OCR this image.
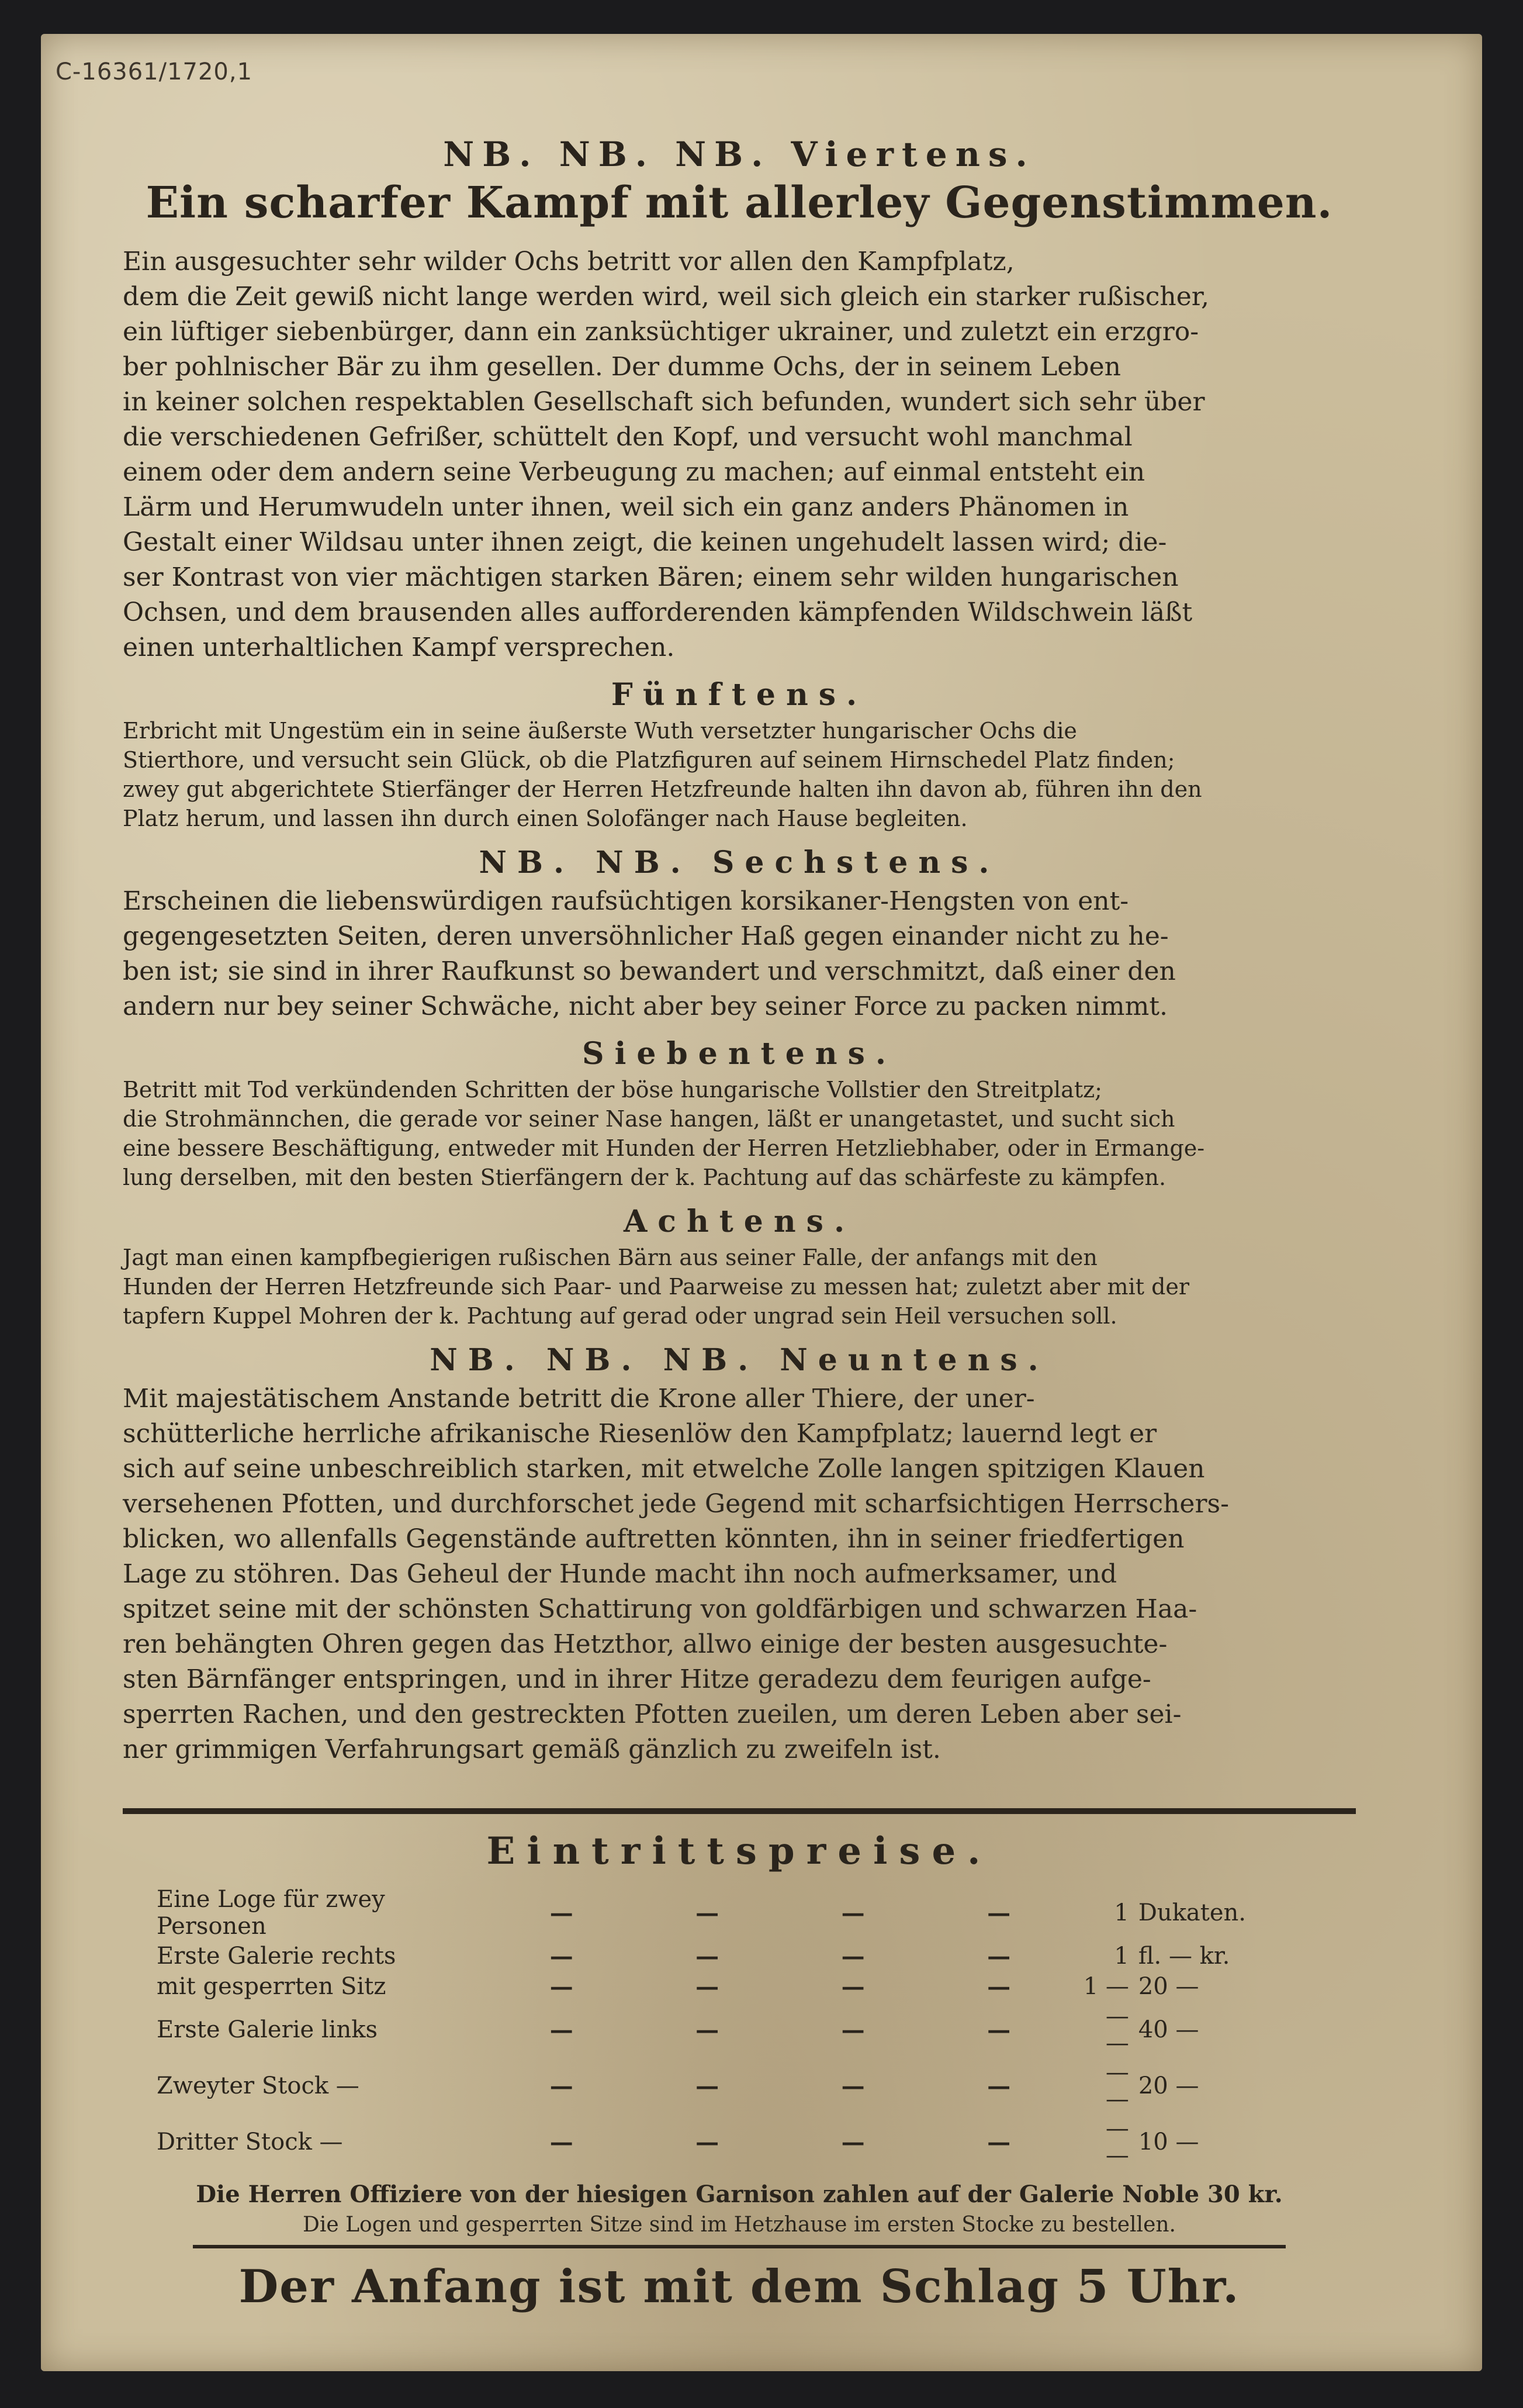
C-16361/1720,1
NB. NB. NB. Viertens.
Ein scharfer Kampf mit allerley Gegenstimmen.

Ein ausgesuchter sehr wilder Ochs betritt vor allen den Kampfplatz,

dem die Zeit gewiß nicht lange werden wird, weil sich gleich ein starker rußischer,

ein lüftiger siebenbürger, dann ein zanksüchtiger ukrainer, und zuletzt ein erzgro-

ber pohlnischer Bär zu ihm gesellen. Der dumme Ochs, der in seinem Leben

in keiner solchen respektablen Gesellschaft sich befunden, wundert sich sehr über

die verschiedenen Gefrißer, schüttelt den Kopf, und versucht wohl manchmal

einem oder dem andern seine Verbeugung zu machen; auf einmal entsteht ein

Lärm und Herumwudeln unter ihnen, weil sich ein ganz anders Phänomen in

Gestalt einer Wildsau unter ihnen zeigt, die keinen ungehudelt lassen wird; die-

ser Kontrast von vier mächtigen starken Bären; einem sehr wilden hungarischen

Ochsen, und dem brausenden alles aufforderenden kämpfenden Wildschwein läßt

einen unterhaltlichen Kampf versprechen.

Fünftens.

Erbricht mit Ungestüm ein in seine äußerste Wuth versetzter hungarischer Ochs die

Stierthore, und versucht sein Glück, ob die Platzfiguren auf seinem Hirnschedel Platz finden;

zwey gut abgerichtete Stierfänger der Herren Hetzfreunde halten ihn davon ab, führen ihn den

Platz herum, und lassen ihn durch einen Solofänger nach Hause begleiten.

NB. NB. Sechstens.

Erscheinen die liebenswürdigen raufsüchtigen korsikaner-Hengsten von ent-

gegengesetzten Seiten, deren unversöhnlicher Haß gegen einander nicht zu he-

ben ist; sie sind in ihrer Raufkunst so bewandert und verschmitzt, daß einer den

andern nur bey seiner Schwäche, nicht aber bey seiner Force zu packen nimmt.

Siebentens.

Betritt mit Tod verkündenden Schritten der böse hungarische Vollstier den Streitplatz;

die Strohmännchen, die gerade vor seiner Nase hangen, läßt er unangetastet, und sucht sich

eine bessere Beschäftigung, entweder mit Hunden der Herren Hetzliebhaber, oder in Ermange-

lung derselben, mit den besten Stierfängern der k. Pachtung auf das schärfeste zu kämpfen.

Achtens.

Jagt man einen kampfbegierigen rußischen Bärn aus seiner Falle, der anfangs mit den

Hunden der Herren Hetzfreunde sich Paar- und Paarweise zu messen hat; zuletzt aber mit der

tapfern Kuppel Mohren der k. Pachtung auf gerad oder ungrad sein Heil versuchen soll.

NB. NB. NB. Neuntens.

Mit majestätischem Anstande betritt die Krone aller Thiere, der uner-

schütterliche herrliche afrikanische Riesenlöw den Kampfplatz; lauernd legt er

sich auf seine unbeschreiblich starken, mit etwelche Zolle langen spitzigen Klauen

versehenen Pfotten, und durchforschet jede Gegend mit scharfsichtigen Herrschers-

blicken, wo allenfalls Gegenstände auftretten könnten, ihn in seiner friedfertigen

Lage zu stöhren. Das Geheul der Hunde macht ihn noch aufmerksamer, und

spitzet seine mit der schönsten Schattirung von goldfärbigen und schwarzen Haa-

ren behängten Ohren gegen das Hetzthor, allwo einige der besten ausgesuchte-

sten Bärnfänger entspringen, und in ihrer Hitze geradezu dem feurigen aufge-

sperrten Rachen, und den gestreckten Pfotten zueilen, um deren Leben aber sei-

ner grimmigen Verfahrungsart gemäß gänzlich zu zweifeln ist.

Eintrittspreise.
Eine Loge für zwey Personen	—	—	—	—	1	Dukaten.
Erste Galerie rechts	—	—	—	—	1	fl. — kr.
mit gesperrten Sitz	—	—	—	—	1 —	20 —
Erste Galerie links	—	—	—	—	— —	40 —
Zweyter Stock —	—	—	—	—	— —	20 —
Dritter Stock —	—	—	—	—	— —	10 —
Die Herren Offiziere von der hiesigen Garnison zahlen auf der Galerie Noble 30 kr.
Die Logen und gesperrten Sitze sind im Hetzhause im ersten Stocke zu bestellen.
Der Anfang ist mit dem Schlag 5 Uhr.
